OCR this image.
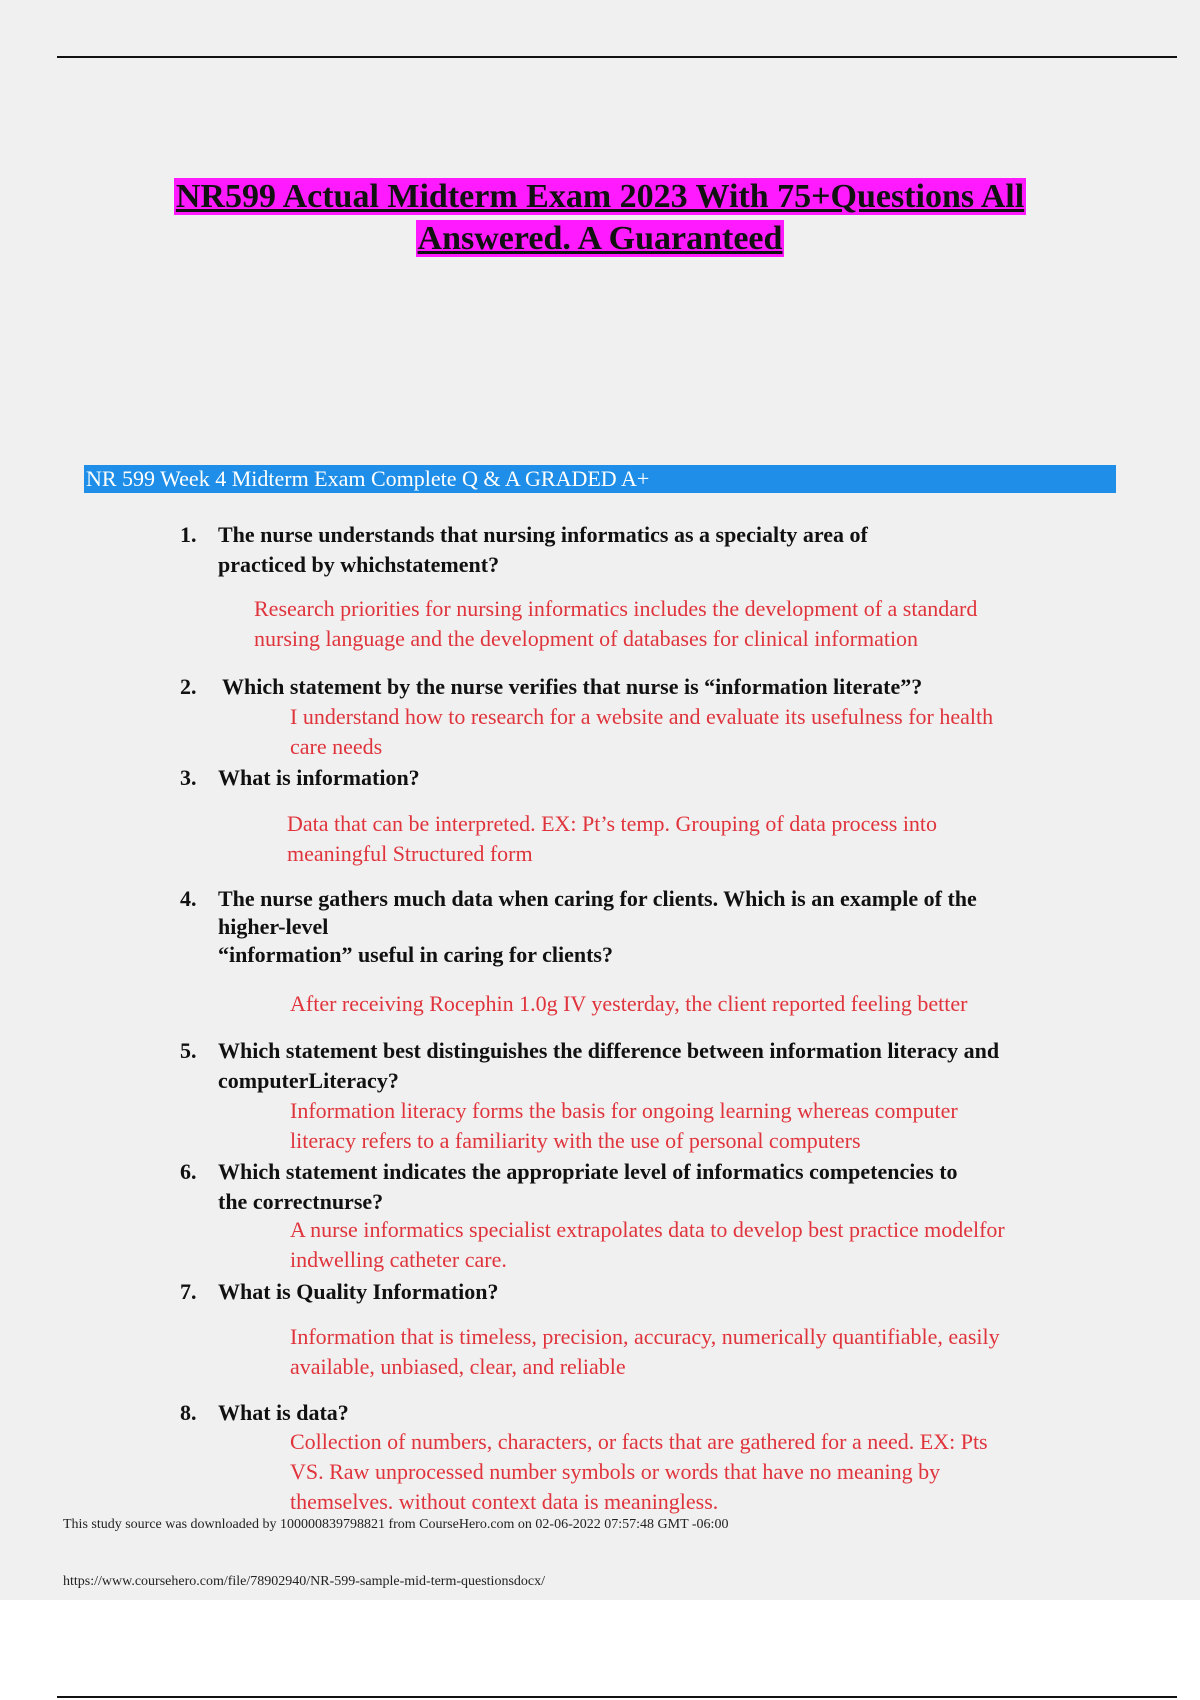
NR599 Actual Midterm Exam 2023 With 75+Questions All
Answered. A Guaranteed
NR 599 Week 4 Midterm Exam Complete Q & A GRADED A+
1. The nurse understands that nursing informatics as a specialty area of
practiced by whichstatement?
Research priorities for nursing informatics includes the development of a standard
nursing language and the development of databases for clinical information
2.	Which statement by the nurse verifies that nurse is “information literate”?
I understand how to research for a website and evaluate its usefulness for health
care needs
3. What is information?
Data that can be interpreted. EX: Pt’s temp. Grouping of data process into
meaningful Structured form
4. The nurse gathers much data when caring for clients. Which is an example of the
higher-level
“information” useful in caring for clients?
After receiving Rocephin 1.0g IV yesterday, the client reported feeling better
5. Which statement best distinguishes the difference between information literacy and
computerLiteracy?
Information literacy forms the basis for ongoing learning whereas computer
literacy refers to a familiarity with the use of personal computers
6. Which statement indicates the appropriate level of informatics competencies to
the correctnurse?
A nurse informatics specialist extrapolates data to develop best practice modelfor
indwelling catheter care.
7. What is Quality Information?
Information that is timeless, precision, accuracy, numerically quantifiable, easily
available, unbiased, clear, and reliable
8. What is data?
Collection of numbers, characters, or facts that are gathered for a need. EX: Pts
VS. Raw unprocessed number symbols or words that have no meaning by
themselves. without context data is meaningless.
This study source was downloaded by 100000839798821 from CourseHero.com on 02-06-2022 07:57:48 GMT -06:00
https://www.coursehero.com/file/78902940/NR-599-sample-mid-term-questionsdocx/
